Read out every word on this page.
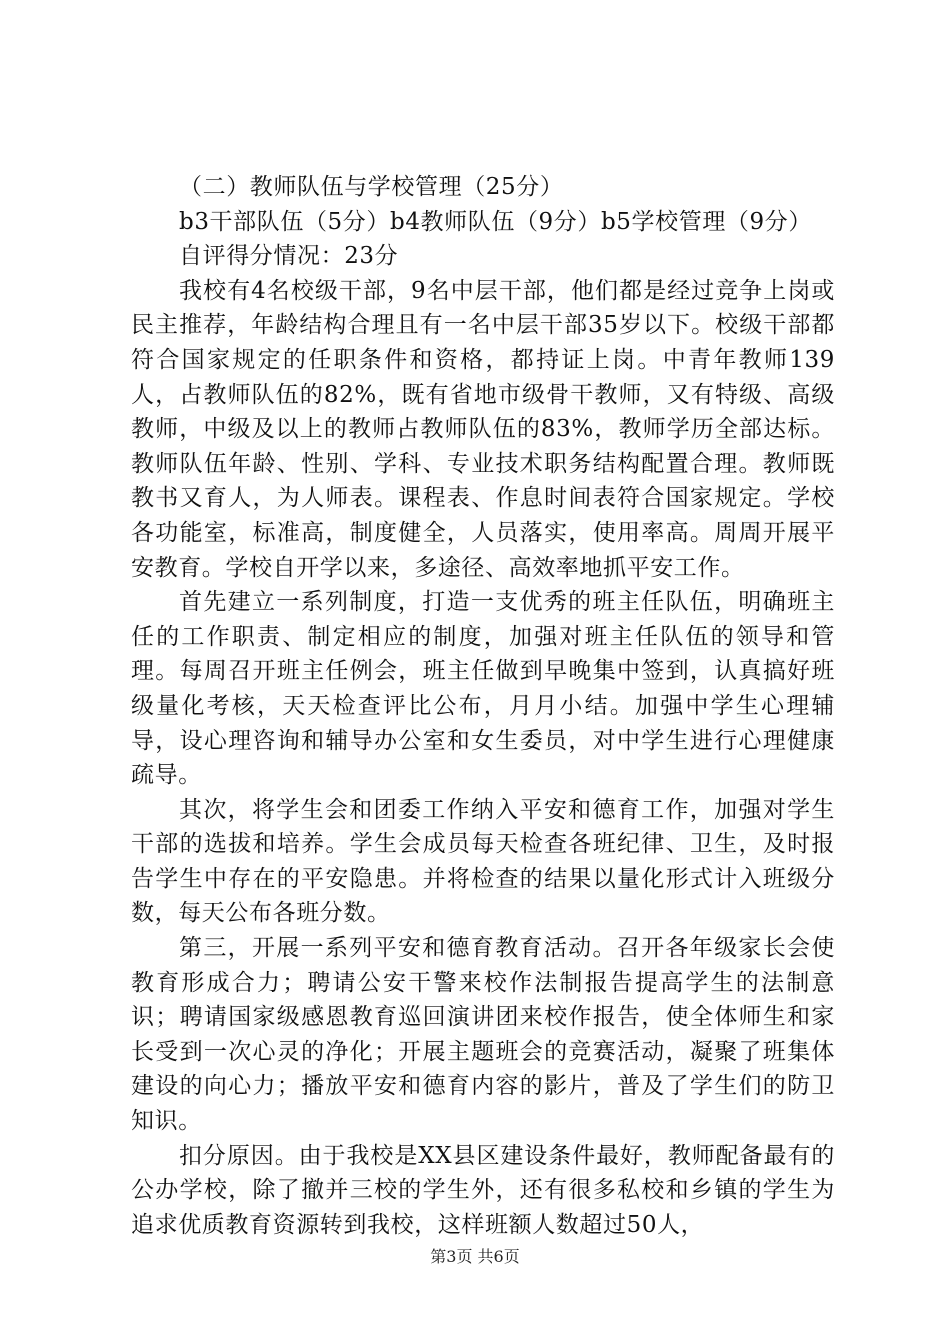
（二）教师队伍与学校管理（25分）

b3干部队伍（5分）b4教师队伍（9分）b5学校管理（9分）

自评得分情况：23分

我校有4名校级干部，9名中层干部，他们都是经过竞争上岗或民主推荐，年龄结构合理且有一名中层干部35岁以下。校级干部都符合国家规定的任职条件和资格，都持证上岗。中青年教师139人，占教师队伍的82%，既有省地市级骨干教师，又有特级、高级教师，中级及以上的教师占教师队伍的83%，教师学历全部达标。教师队伍年龄、性别、学科、专业技术职务结构配置合理。教师既教书又育人，为人师表。课程表、作息时间表符合国家规定。学校各功能室，标准高，制度健全，人员落实，使用率高。周周开展平安教育。学校自开学以来，多途径、高效率地抓平安工作。

首先建立一系列制度，打造一支优秀的班主任队伍，明确班主任的工作职责、制定相应的制度，加强对班主任队伍的领导和管理。每周召开班主任例会，班主任做到早晚集中签到，认真搞好班级量化考核，天天检查评比公布，月月小结。加强中学生心理辅导，设心理咨询和辅导办公室和女生委员，对中学生进行心理健康疏导。

其次，将学生会和团委工作纳入平安和德育工作，加强对学生干部的选拔和培养。学生会成员每天检查各班纪律、卫生，及时报告学生中存在的平安隐患。并将检查的结果以量化形式计入班级分数，每天公布各班分数。

第三，开展一系列平安和德育教育活动。召开各年级家长会使教育形成合力；聘请公安干警来校作法制报告提高学生的法制意识；聘请国家级感恩教育巡回演讲团来校作报告，使全体师生和家长受到一次心灵的净化；开展主题班会的竞赛活动，凝聚了班集体建设的向心力；播放平安和德育内容的影片，普及了学生们的防卫知识。

扣分原因。由于我校是XX县区建设条件最好，教师配备最有的公办学校，除了撤并三校的学生外，还有很多私校和乡镇的学生为追求优质教育资源转到我校，这样班额人数超过50人，

第3页 共6页
